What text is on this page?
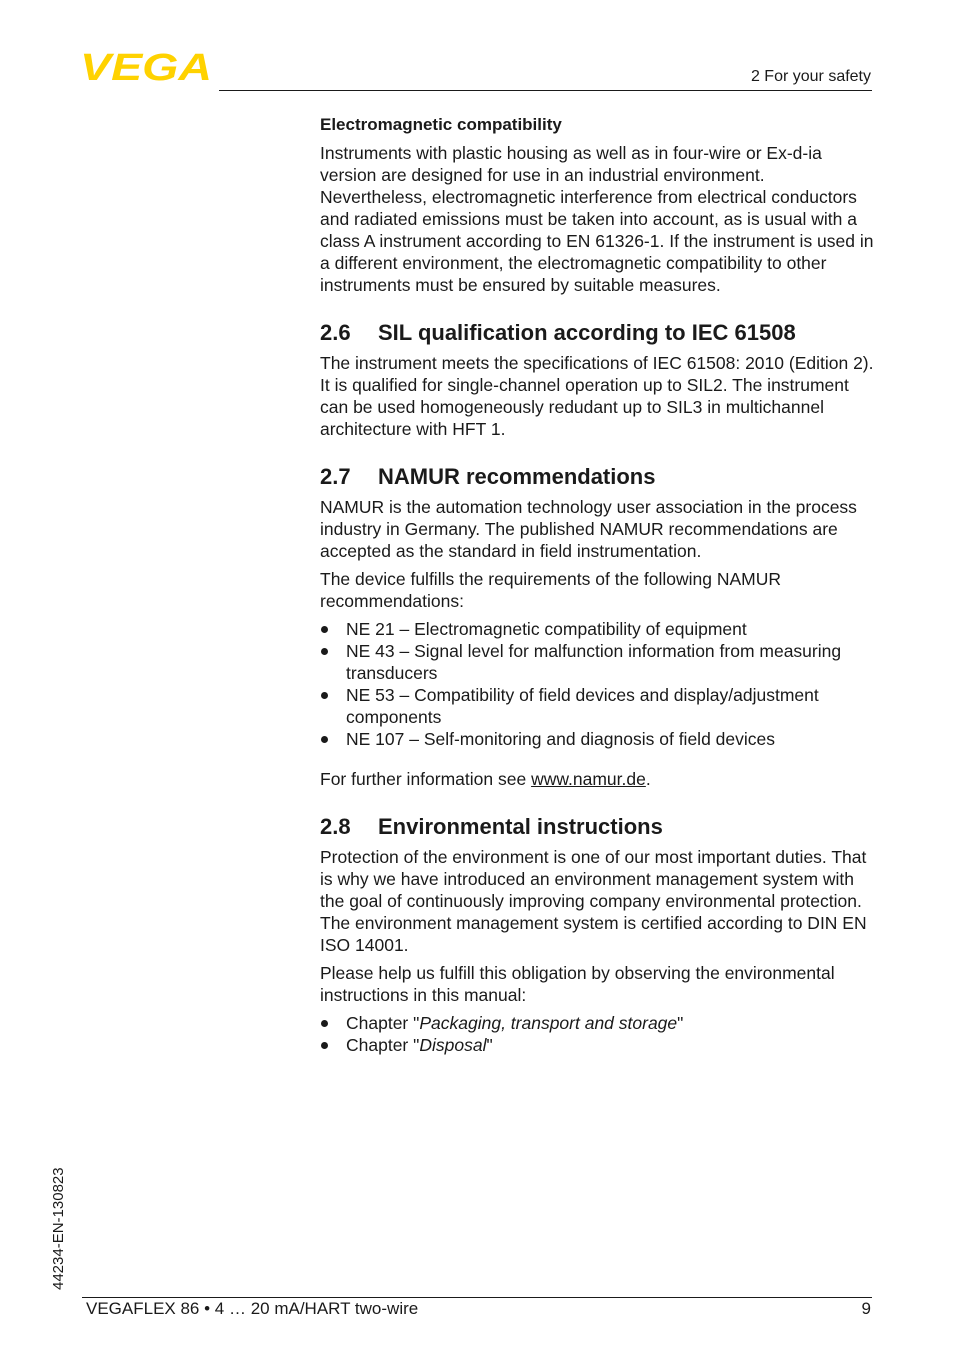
VEGA	2 For your safety

Electromagnetic compatibility

Instruments with plastic housing as well as in four-wire or Ex-d-ia version are designed for use in an industrial environment. Nevertheless, electromagnetic interference from electrical conductors and radiated emissions must be taken into account, as is usual with a class A instrument according to EN 61326-1. If the instrument is used in a different environment, the electromagnetic compatibility to other instruments must be ensured by suitable measures.

2.6 SIL qualification according to IEC 61508

The instrument meets the specifications of IEC 61508: 2010 (Edition 2). It is qualified for single-channel operation up to SIL2. The instrument can be used homogeneously redudant up to SIL3 in multichannel architecture with HFT 1.

2.7 NAMUR recommendations

NAMUR is the automation technology user association in the process industry in Germany. The published NAMUR recommendations are accepted as the standard in field instrumentation.

The device fulfills the requirements of the following NAMUR recommendations:

NE 21 – Electromagnetic compatibility of equipment
NE 43 – Signal level for malfunction information from measuring transducers
NE 53 – Compatibility of field devices and display/adjustment components
NE 107 – Self-monitoring and diagnosis of field devices

For further information see www.namur.de.

2.8 Environmental instructions

Protection of the environment is one of our most important duties. That is why we have introduced an environment management system with the goal of continuously improving company environmental protection. The environment management system is certified according to DIN EN ISO 14001.

Please help us fulfill this obligation by observing the environmental instructions in this manual:

Chapter "Packaging, transport and storage"
Chapter "Disposal"
44234-EN-130823
VEGAFLEX 86 • 4 … 20 mA/HART two-wire	9
